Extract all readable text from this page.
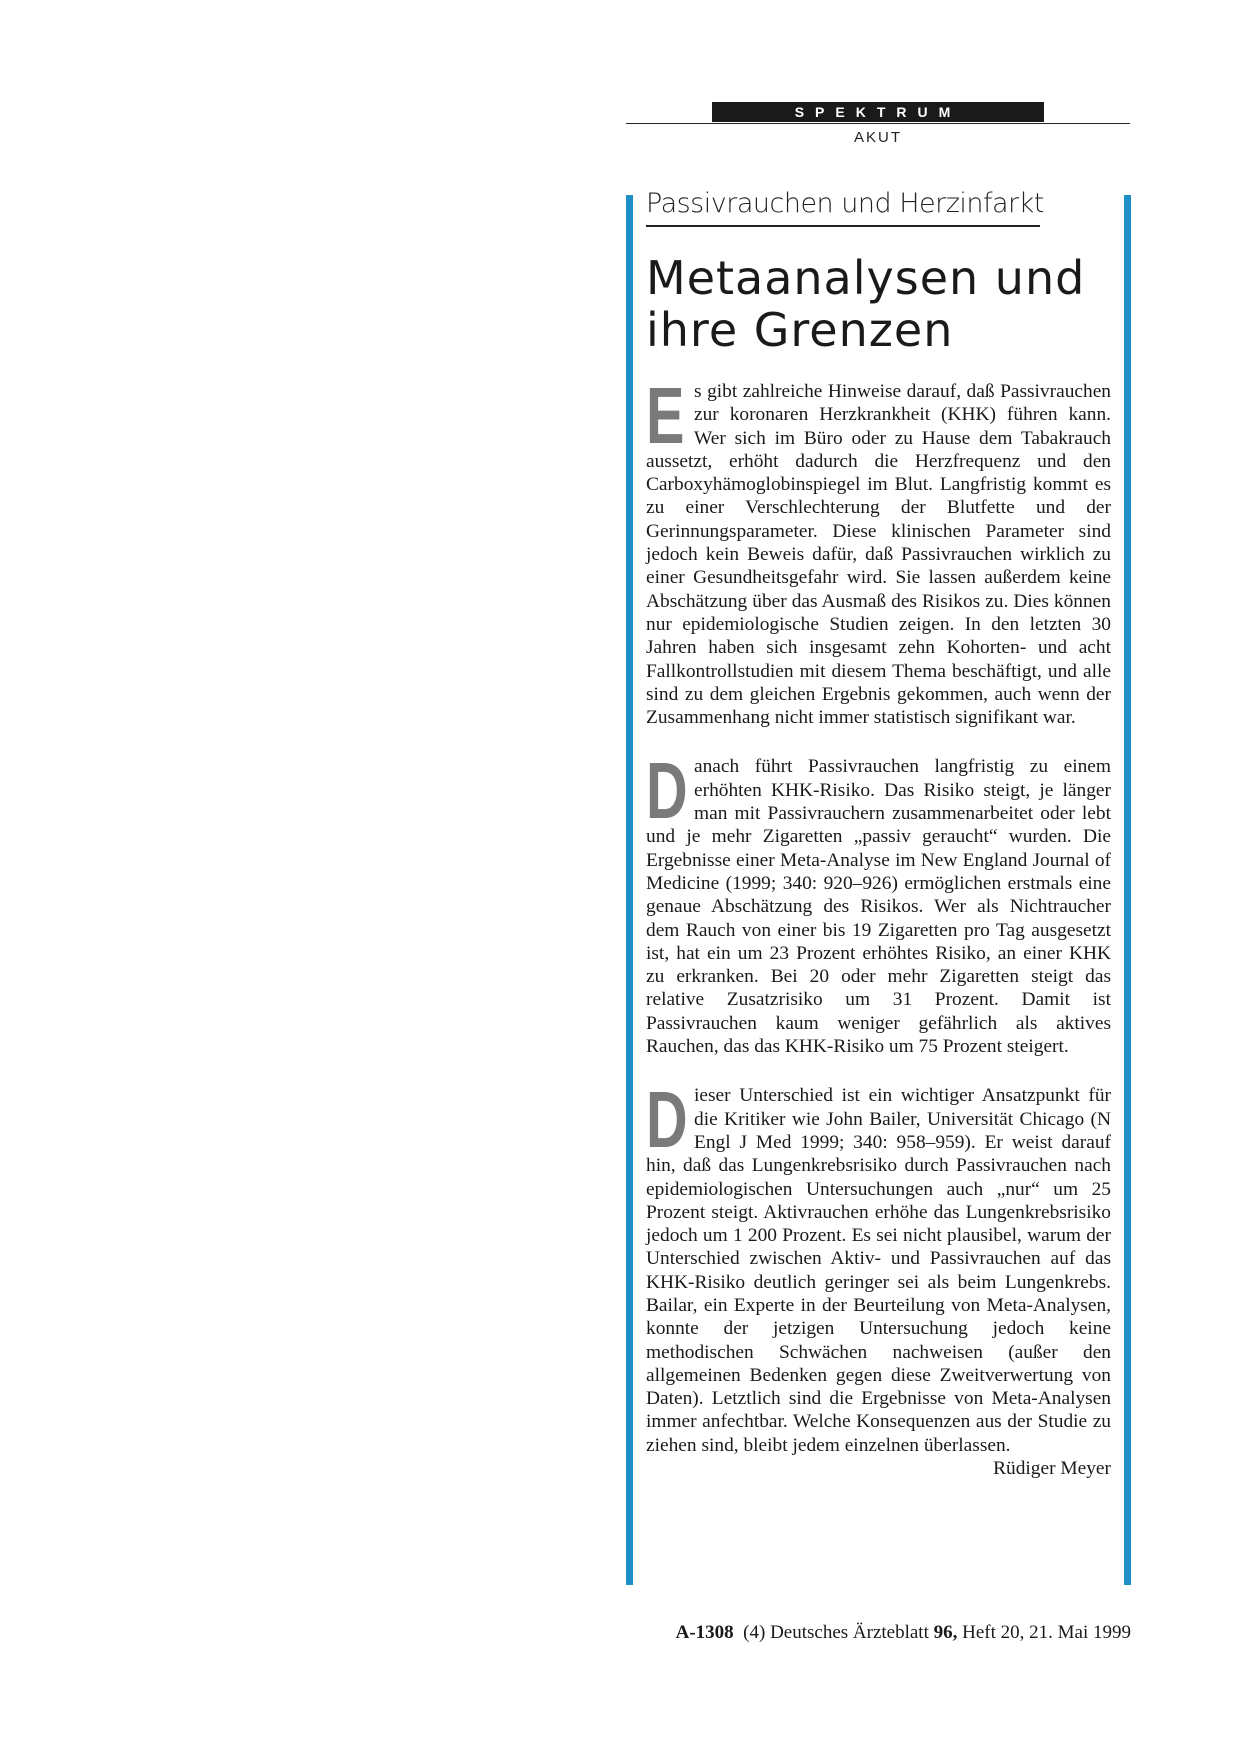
SPEKTRUM
AKUT
Passivrauchen und Herzinfarkt
Metaanalysen und ihre Grenzen

Es gibt zahlreiche Hinweise darauf, daß Passivrauchen zur koronaren Herzkrankheit (KHK) führen kann. Wer sich im Büro oder zu Hause dem Tabakrauch aussetzt, erhöht dadurch die Herzfrequenz und den Carboxyhämoglobinspiegel im Blut. Langfristig kommt es zu einer Verschlechterung der Blutfette und der Gerinnungsparameter. Diese klinischen Parameter sind jedoch kein Beweis dafür, daß Passivrauchen wirklich zu einer Gesundheitsgefahr wird. Sie lassen außerdem keine Abschätzung über das Ausmaß des Risikos zu. Dies können nur epidemiologische Studien zeigen. In den letzten 30 Jahren haben sich insgesamt zehn Kohorten- und acht Fallkontrollstudien mit diesem Thema beschäftigt, und alle sind zu dem gleichen Ergebnis gekommen, auch wenn der Zusammenhang nicht immer statistisch signifikant war.

Danach führt Passivrauchen langfristig zu einem erhöhten KHK-Risiko. Das Risiko steigt, je länger man mit Passivrauchern zusammenarbeitet oder lebt und je mehr Zigaretten „passiv geraucht“ wurden. Die Ergebnisse einer Meta-Analyse im New England Journal of Medicine (1999; 340: 920–926) ermöglichen erstmals eine genaue Abschätzung des Risikos. Wer als Nichtraucher dem Rauch von einer bis 19 Zigaretten pro Tag ausgesetzt ist, hat ein um 23 Prozent erhöhtes Risiko, an einer KHK zu erkranken. Bei 20 oder mehr Zigaretten steigt das relative Zusatzrisiko um 31 Prozent. Damit ist Passivrauchen kaum weniger gefährlich als aktives Rauchen, das das KHK-Risiko um 75 Prozent steigert.

Dieser Unterschied ist ein wichtiger Ansatzpunkt für die Kritiker wie John Bailer, Universität Chicago (N Engl J Med 1999; 340: 958–959). Er weist darauf hin, daß das Lungenkrebsrisiko durch Passivrauchen nach epidemiologischen Untersuchungen auch „nur“ um 25 Prozent steigt. Aktivrauchen erhöhe das Lungenkrebsrisiko jedoch um 1 200 Prozent. Es sei nicht plausibel, warum der Unterschied zwischen Aktiv- und Passivrauchen auf das KHK-Risiko deutlich geringer sei als beim Lungenkrebs. Bailar, ein Experte in der Beurteilung von Meta-Analysen, konnte der jetzigen Untersuchung jedoch keine methodischen Schwächen nachweisen (außer den allgemeinen Bedenken gegen diese Zweitverwertung von Daten). Letztlich sind die Ergebnisse von Meta-Analysen immer anfechtbar. Welche Konsequenzen aus der Studie zu ziehen sind, bleibt jedem einzelnen überlassen.
Rüdiger Meyer

A-1308 (4) Deutsches Ärzteblatt 96, Heft 20, 21. Mai 1999
